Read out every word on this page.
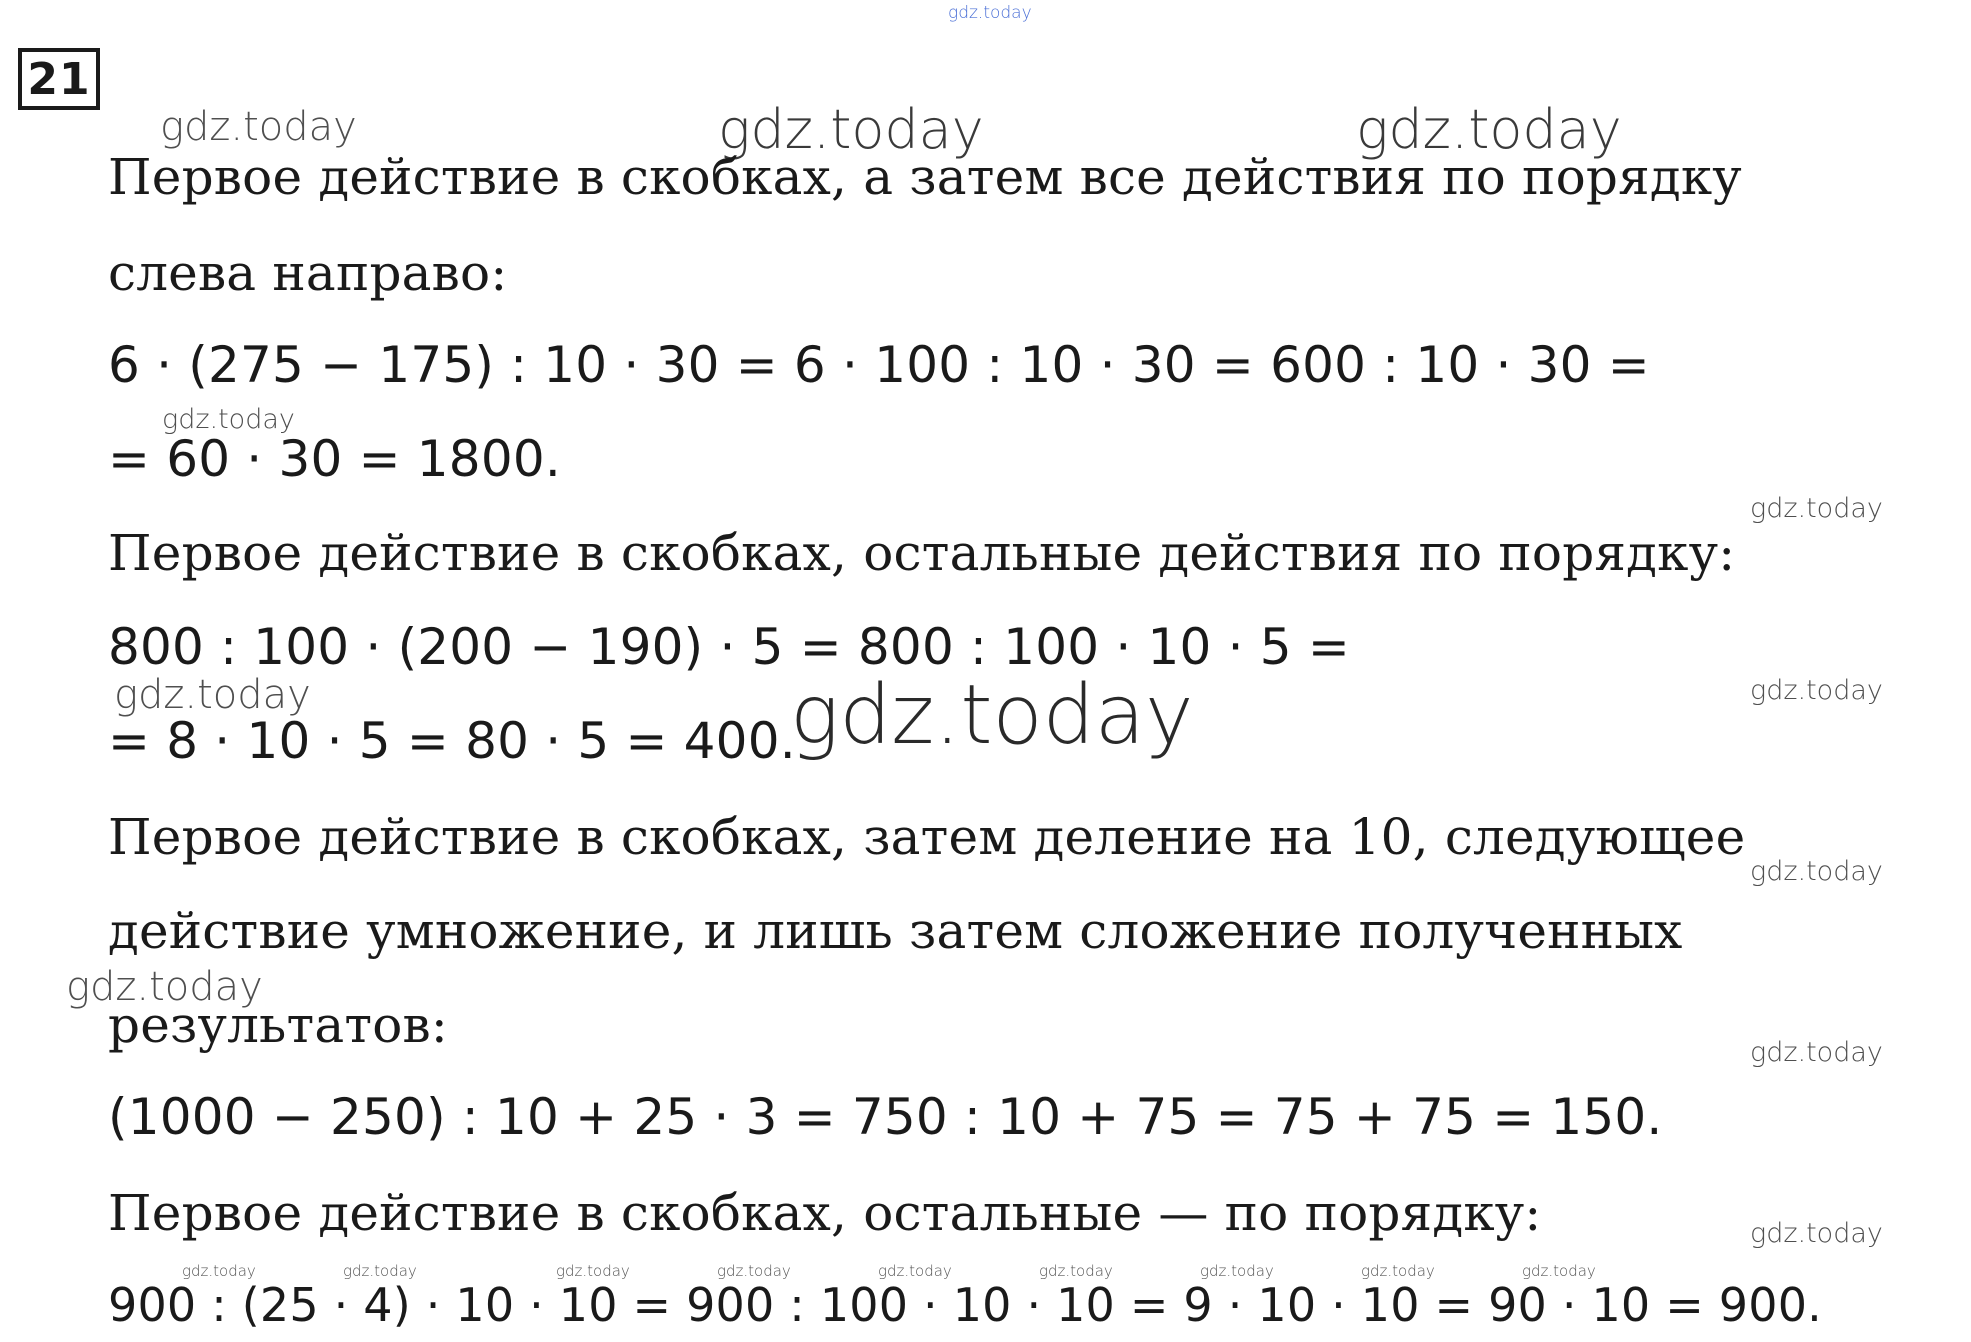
gdz.today
21
gdz.today	gdz.today	gdz.today
Первое действие в скобках, а затем все действия по порядку
слева направо:
6 · (275 − 175) : 10 · 30 = 6 · 100 : 10 · 30 = 600 : 10 · 30 =
gdz.today
= 60 · 30 = 1800.
gdz.today
Первое действие в скобках, остальные действия по порядку:
800 : 100 · (200 − 190) · 5 = 800 : 100 · 10 · 5 =
gdz.today	gdz.today
= 8 · 10 · 5 = 80 · 5 = 400.
gdz.today
Первое действие в скобках, затем деление на 10, следующее
gdz.today
действие умножение, и лишь затем сложение полученных
gdz.today
результатов:	gdz.today
(1000 − 250) : 10 + 25 · 3 = 750 : 10 + 75 = 75 + 75 = 150.
Первое действие в скобках, остальные — по порядку:	gdz.today
gdz.today	gdz.today	gdz.today	gdz.today	gdz.today	gdz.today	gdz.today	gdz.today	gdz.today
900 : (25 · 4) · 10 · 10 = 900 : 100 · 10 · 10 = 9 · 10 · 10 = 90 · 10 = 900.
